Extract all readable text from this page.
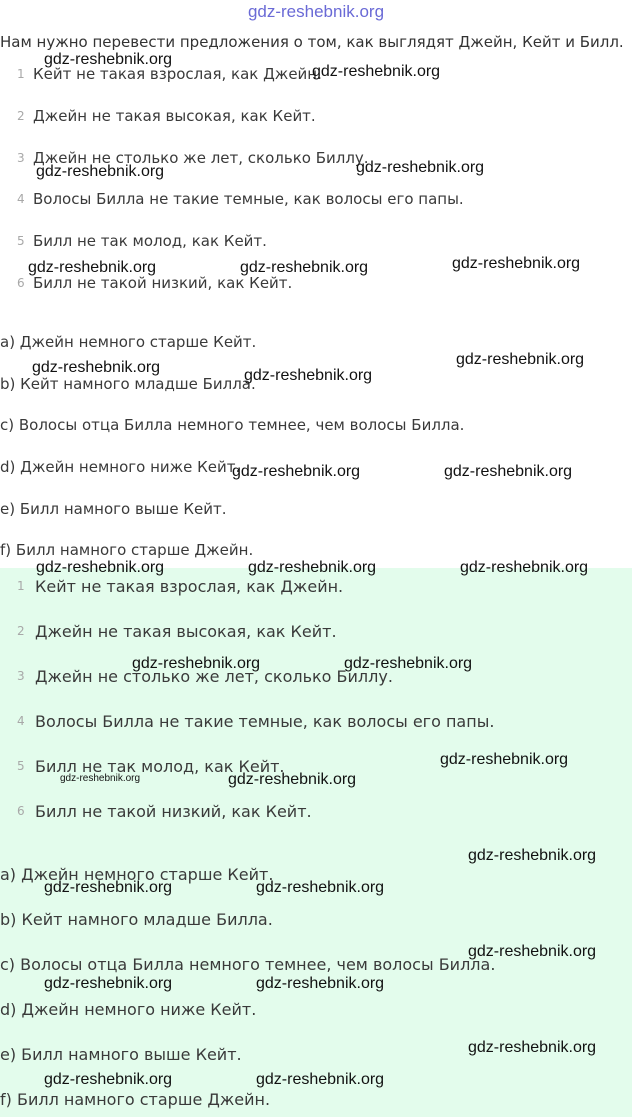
gdz-reshebnik.org
Нам нужно перевести предложения о том, как выглядят Джейн, Кейт и Билл.
1 Кейт не такая взрослая, как Джейн.
2 Джейн не такая высокая, как Кейт.
3 Джейн не столько же лет, сколько Биллу.
4 Волосы Билла не такие темные, как волосы его папы.
5 Билл не так молод, как Кейт.
6 Билл не такой низкий, как Кейт.
a) Джейн немного старше Кейт.
b) Кейт намного младше Билла.
c) Волосы отца Билла немного темнее, чем волосы Билла.
d) Джейн немного ниже Кейт.
e) Билл намного выше Кейт.
f) Билл намного старше Джейн.
1 Кейт не такая взрослая, как Джейн.
2 Джейн не такая высокая, как Кейт.
3 Джейн не столько же лет, сколько Биллу.
4 Волосы Билла не такие темные, как волосы его папы.
5 Билл не так молод, как Кейт.
6 Билл не такой низкий, как Кейт.
a) Джейн немного старше Кейт.
b) Кейт намного младше Билла.
c) Волосы отца Билла немного темнее, чем волосы Билла.
d) Джейн немного ниже Кейт.
e) Билл намного выше Кейт.
f) Билл намного старше Джейн.
gdz-reshebnik.org
gdz-reshebnik.org
gdz-reshebnik.org	gdz-reshebnik.org
gdz-reshebnik.org	gdz-reshebnik.org	gdz-reshebnik.org
gdz-reshebnik.org	gdz-reshebnik.org
gdz-reshebnik.org
gdz-reshebnik.org	gdz-reshebnik.org
gdz-reshebnik.org	gdz-reshebnik.org	gdz-reshebnik.org
gdz-reshebnik.org	gdz-reshebnik.org
gdz-reshebnik.org	gdz-reshebnik.org
gdz-reshebnik.org
gdz-reshebnik.org
gdz-reshebnik.org	gdz-reshebnik.org
gdz-reshebnik.org
gdz-reshebnik.org	gdz-reshebnik.org
gdz-reshebnik.org
gdz-reshebnik.org	gdz-reshebnik.org
